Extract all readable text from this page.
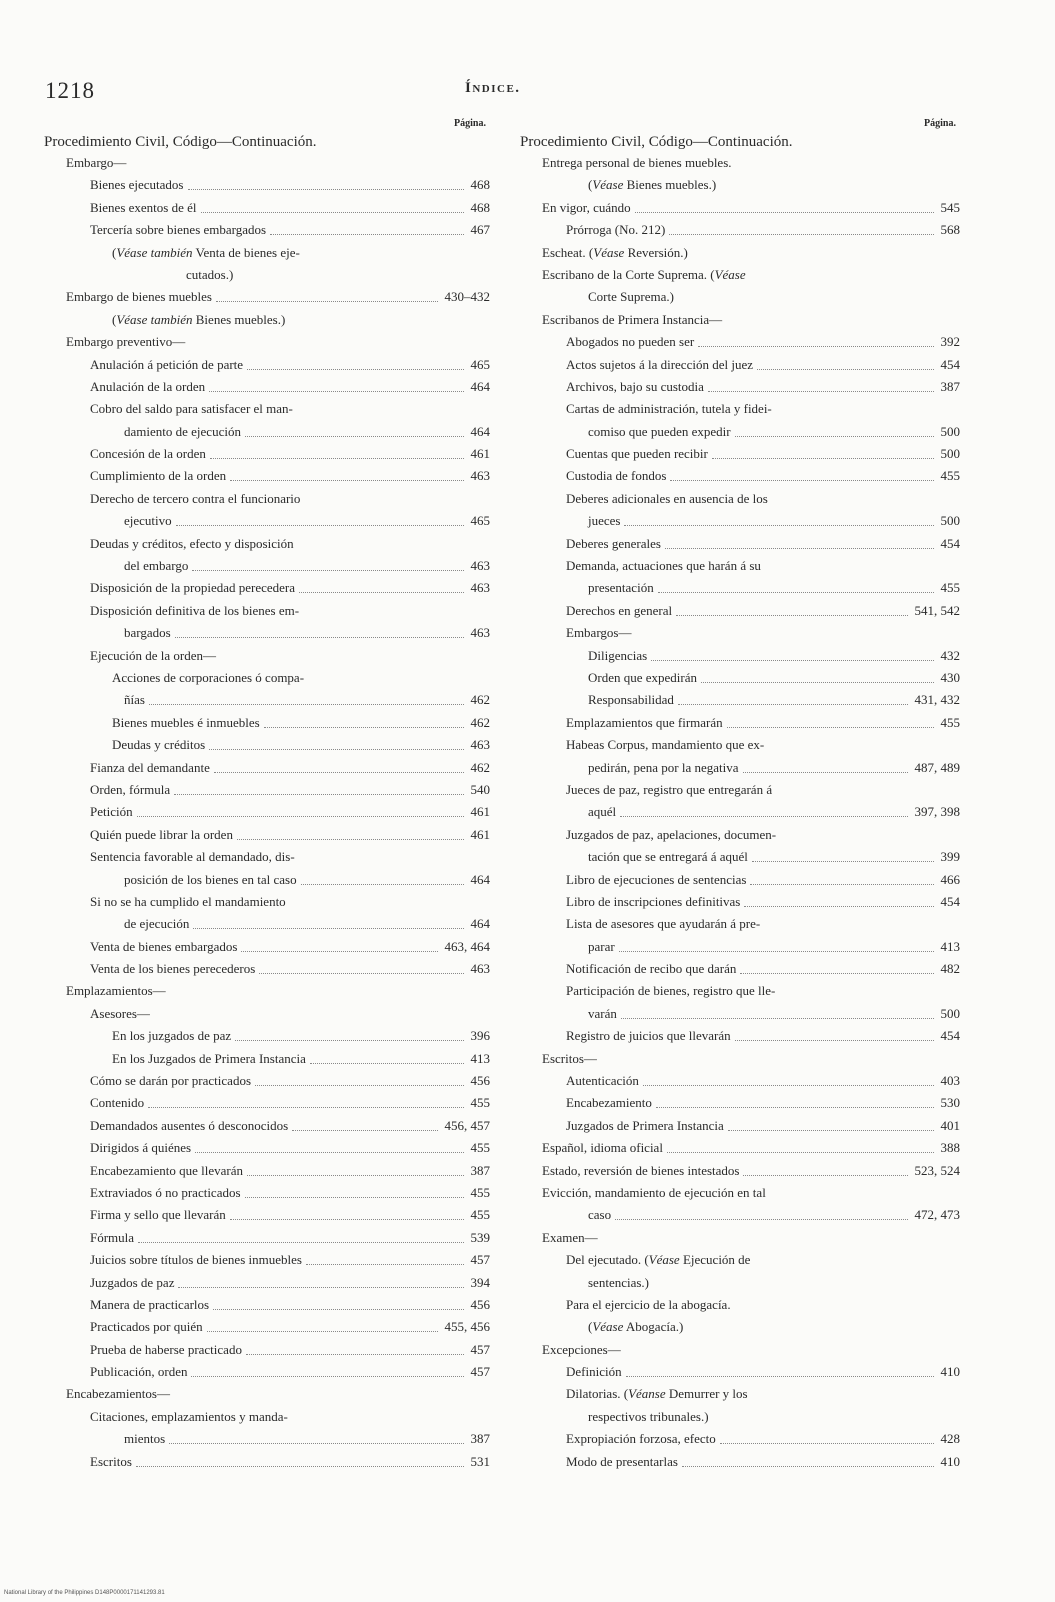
1218	Índice.
Página.
Procedimiento Civil, Código—Continuación.
Embargo—
Bienes ejecutados	468
Bienes exentos de él	468
Tercería sobre bienes embargados	467
(Véase también Venta de bienes eje-
cutados.)
Embargo de bienes muebles	430–432
(Véase también Bienes muebles.)
Embargo preventivo—
Anulación á petición de parte	465
Anulación de la orden	464
Cobro del saldo para satisfacer el man-
damiento de ejecución	464
Concesión de la orden	461
Cumplimiento de la orden	463
Derecho de tercero contra el funcionario
ejecutivo	465
Deudas y créditos, efecto y disposición
del embargo	463
Disposición de la propiedad perecedera	463
Disposición definitiva de los bienes em-
bargados	463
Ejecución de la orden—
Acciones de corporaciones ó compa-
ñías	462
Bienes muebles é inmuebles	462
Deudas y créditos	463
Fianza del demandante	462
Orden, fórmula	540
Petición	461
Quién puede librar la orden	461
Sentencia favorable al demandado, dis-
posición de los bienes en tal caso	464
Si no se ha cumplido el mandamiento
de ejecución	464
Venta de bienes embargados	463, 464
Venta de los bienes perecederos	463
Emplazamientos—
Asesores—
En los juzgados de paz	396
En los Juzgados de Primera Instancia	413
Cómo se darán por practicados	456
Contenido	455
Demandados ausentes ó desconocidos	456, 457
Dirigidos á quiénes	455
Encabezamiento que llevarán	387
Extraviados ó no practicados	455
Firma y sello que llevarán	455
Fórmula	539
Juicios sobre títulos de bienes inmuebles	457
Juzgados de paz	394
Manera de practicarlos	456
Practicados por quién	455, 456
Prueba de haberse practicado	457
Publicación, orden	457
Encabezamientos—
Citaciones, emplazamientos y manda-
mientos	387
Escritos	531
Página.
Procedimiento Civil, Código—Continuación.
Entrega personal de bienes muebles.
(Véase Bienes muebles.)
En vigor, cuándo	545
Prórroga (No. 212)	568
Escheat. (Véase Reversión.)
Escribano de la Corte Suprema. (Véase
Corte Suprema.)
Escribanos de Primera Instancia—
Abogados no pueden ser	392
Actos sujetos á la dirección del juez	454
Archivos, bajo su custodia	387
Cartas de administración, tutela y fidei-
comiso que pueden expedir	500
Cuentas que pueden recibir	500
Custodia de fondos	455
Deberes adicionales en ausencia de los
jueces	500
Deberes generales	454
Demanda, actuaciones que harán á su
presentación	455
Derechos en general	541, 542
Embargos—
Diligencias	432
Orden que expedirán	430
Responsabilidad	431, 432
Emplazamientos que firmarán	455
Habeas Corpus, mandamiento que ex-
pedirán, pena por la negativa	487, 489
Jueces de paz, registro que entregarán á
aquél	397, 398
Juzgados de paz, apelaciones, documen-
tación que se entregará á aquél	399
Libro de ejecuciones de sentencias	466
Libro de inscripciones definitivas	454
Lista de asesores que ayudarán á pre-
parar	413
Notificación de recibo que darán	482
Participación de bienes, registro que lle-
varán	500
Registro de juicios que llevarán	454
Escritos—
Autenticación	403
Encabezamiento	530
Juzgados de Primera Instancia	401
Español, idioma oficial	388
Estado, reversión de bienes intestados	523, 524
Evicción, mandamiento de ejecución en tal
caso	472, 473
Examen—
Del ejecutado. (Véase Ejecución de
sentencias.)
Para el ejercicio de la abogacía.
(Véase Abogacía.)
Excepciones—
Definición	410
Dilatorias. (Véanse Demurrer y los
respectivos tribunales.)
Expropiación forzosa, efecto	428
Modo de presentarlas	410
National Library of the Philippines D148P0000171141293.81
